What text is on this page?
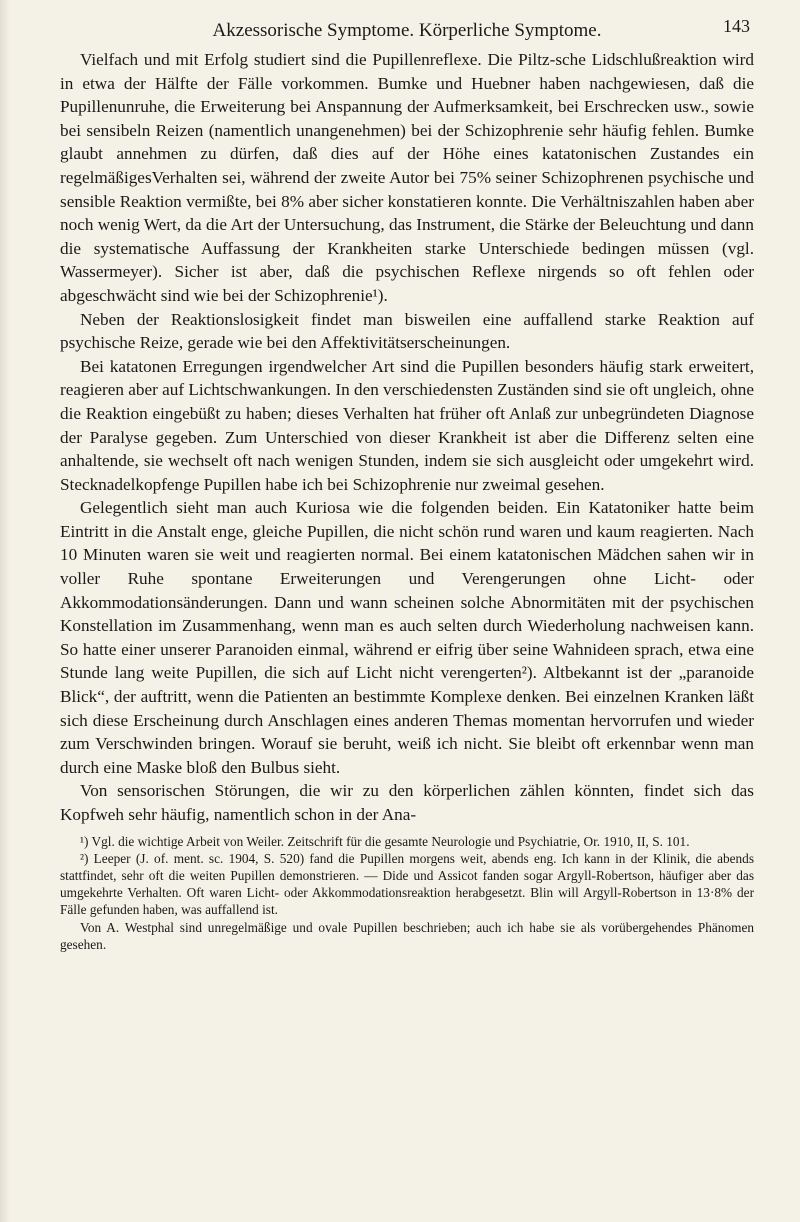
Akzessorische Symptome. Körperliche Symptome.	143

Vielfach und mit Erfolg studiert sind die Pupillenreflexe. Die Piltz-sche Lidschlußreaktion wird in etwa der Hälfte der Fälle vorkommen. Bumke und Huebner haben nachgewiesen, daß die Pupillenunruhe, die Erweiterung bei Anspannung der Aufmerksamkeit, bei Erschrecken usw., sowie bei sensibeln Reizen (namentlich unangenehmen) bei der Schizophrenie sehr häufig fehlen. Bumke glaubt annehmen zu dürfen, daß dies auf der Höhe eines katatonischen Zustandes ein regelmäßigesVerhalten sei, während der zweite Autor bei 75% seiner Schizophrenen psychische und sensible Reaktion vermißte, bei 8% aber sicher konstatieren konnte. Die Verhältniszahlen haben aber noch wenig Wert, da die Art der Untersuchung, das Instrument, die Stärke der Beleuchtung und dann die systematische Auffassung der Krankheiten starke Unterschiede bedingen müssen (vgl. Wassermeyer). Sicher ist aber, daß die psychischen Reflexe nirgends so oft fehlen oder abgeschwächt sind wie bei der Schizophrenie¹).

Neben der Reaktionslosigkeit findet man bisweilen eine auffallend starke Reaktion auf psychische Reize, gerade wie bei den Affektivitätserscheinungen.

Bei katatonen Erregungen irgendwelcher Art sind die Pupillen besonders häufig stark erweitert, reagieren aber auf Lichtschwankungen. In den verschiedensten Zuständen sind sie oft ungleich, ohne die Reaktion eingebüßt zu haben; dieses Verhalten hat früher oft Anlaß zur unbegründeten Diagnose der Paralyse gegeben. Zum Unterschied von dieser Krankheit ist aber die Differenz selten eine anhaltende, sie wechselt oft nach wenigen Stunden, indem sie sich ausgleicht oder umgekehrt wird. Stecknadelkopfenge Pupillen habe ich bei Schizophrenie nur zweimal gesehen.

Gelegentlich sieht man auch Kuriosa wie die folgenden beiden. Ein Katatoniker hatte beim Eintritt in die Anstalt enge, gleiche Pupillen, die nicht schön rund waren und kaum reagierten. Nach 10 Minuten waren sie weit und reagierten normal. Bei einem katatonischen Mädchen sahen wir in voller Ruhe spontane Erweiterungen und Verengerungen ohne Licht- oder Akkommodationsänderungen. Dann und wann scheinen solche Abnormitäten mit der psychischen Konstellation im Zusammenhang, wenn man es auch selten durch Wiederholung nachweisen kann. So hatte einer unserer Paranoiden einmal, während er eifrig über seine Wahnideen sprach, etwa eine Stunde lang weite Pupillen, die sich auf Licht nicht verengerten²). Altbekannt ist der „paranoide Blick“, der auftritt, wenn die Patienten an bestimmte Komplexe denken. Bei einzelnen Kranken läßt sich diese Erscheinung durch Anschlagen eines anderen Themas momentan hervorrufen und wieder zum Verschwinden bringen. Worauf sie beruht, weiß ich nicht. Sie bleibt oft erkennbar wenn man durch eine Maske bloß den Bulbus sieht.

Von sensorischen Störungen, die wir zu den körperlichen zählen könnten, findet sich das Kopfweh sehr häufig, namentlich schon in der Ana-

¹) Vgl. die wichtige Arbeit von Weiler. Zeitschrift für die gesamte Neurologie und Psychiatrie, Or. 1910, II, S. 101.

²) Leeper (J. of. ment. sc. 1904, S. 520) fand die Pupillen morgens weit, abends eng. Ich kann in der Klinik, die abends stattfindet, sehr oft die weiten Pupillen demonstrieren. — Dide und Assicot fanden sogar Argyll-Robertson, häufiger aber das umgekehrte Verhalten. Oft waren Licht- oder Akkommodationsreaktion herabgesetzt. Blin will Argyll-Robertson in 13·8% der Fälle gefunden haben, was auffallend ist.

Von A. Westphal sind unregelmäßige und ovale Pupillen beschrieben; auch ich habe sie als vorübergehendes Phänomen gesehen.
